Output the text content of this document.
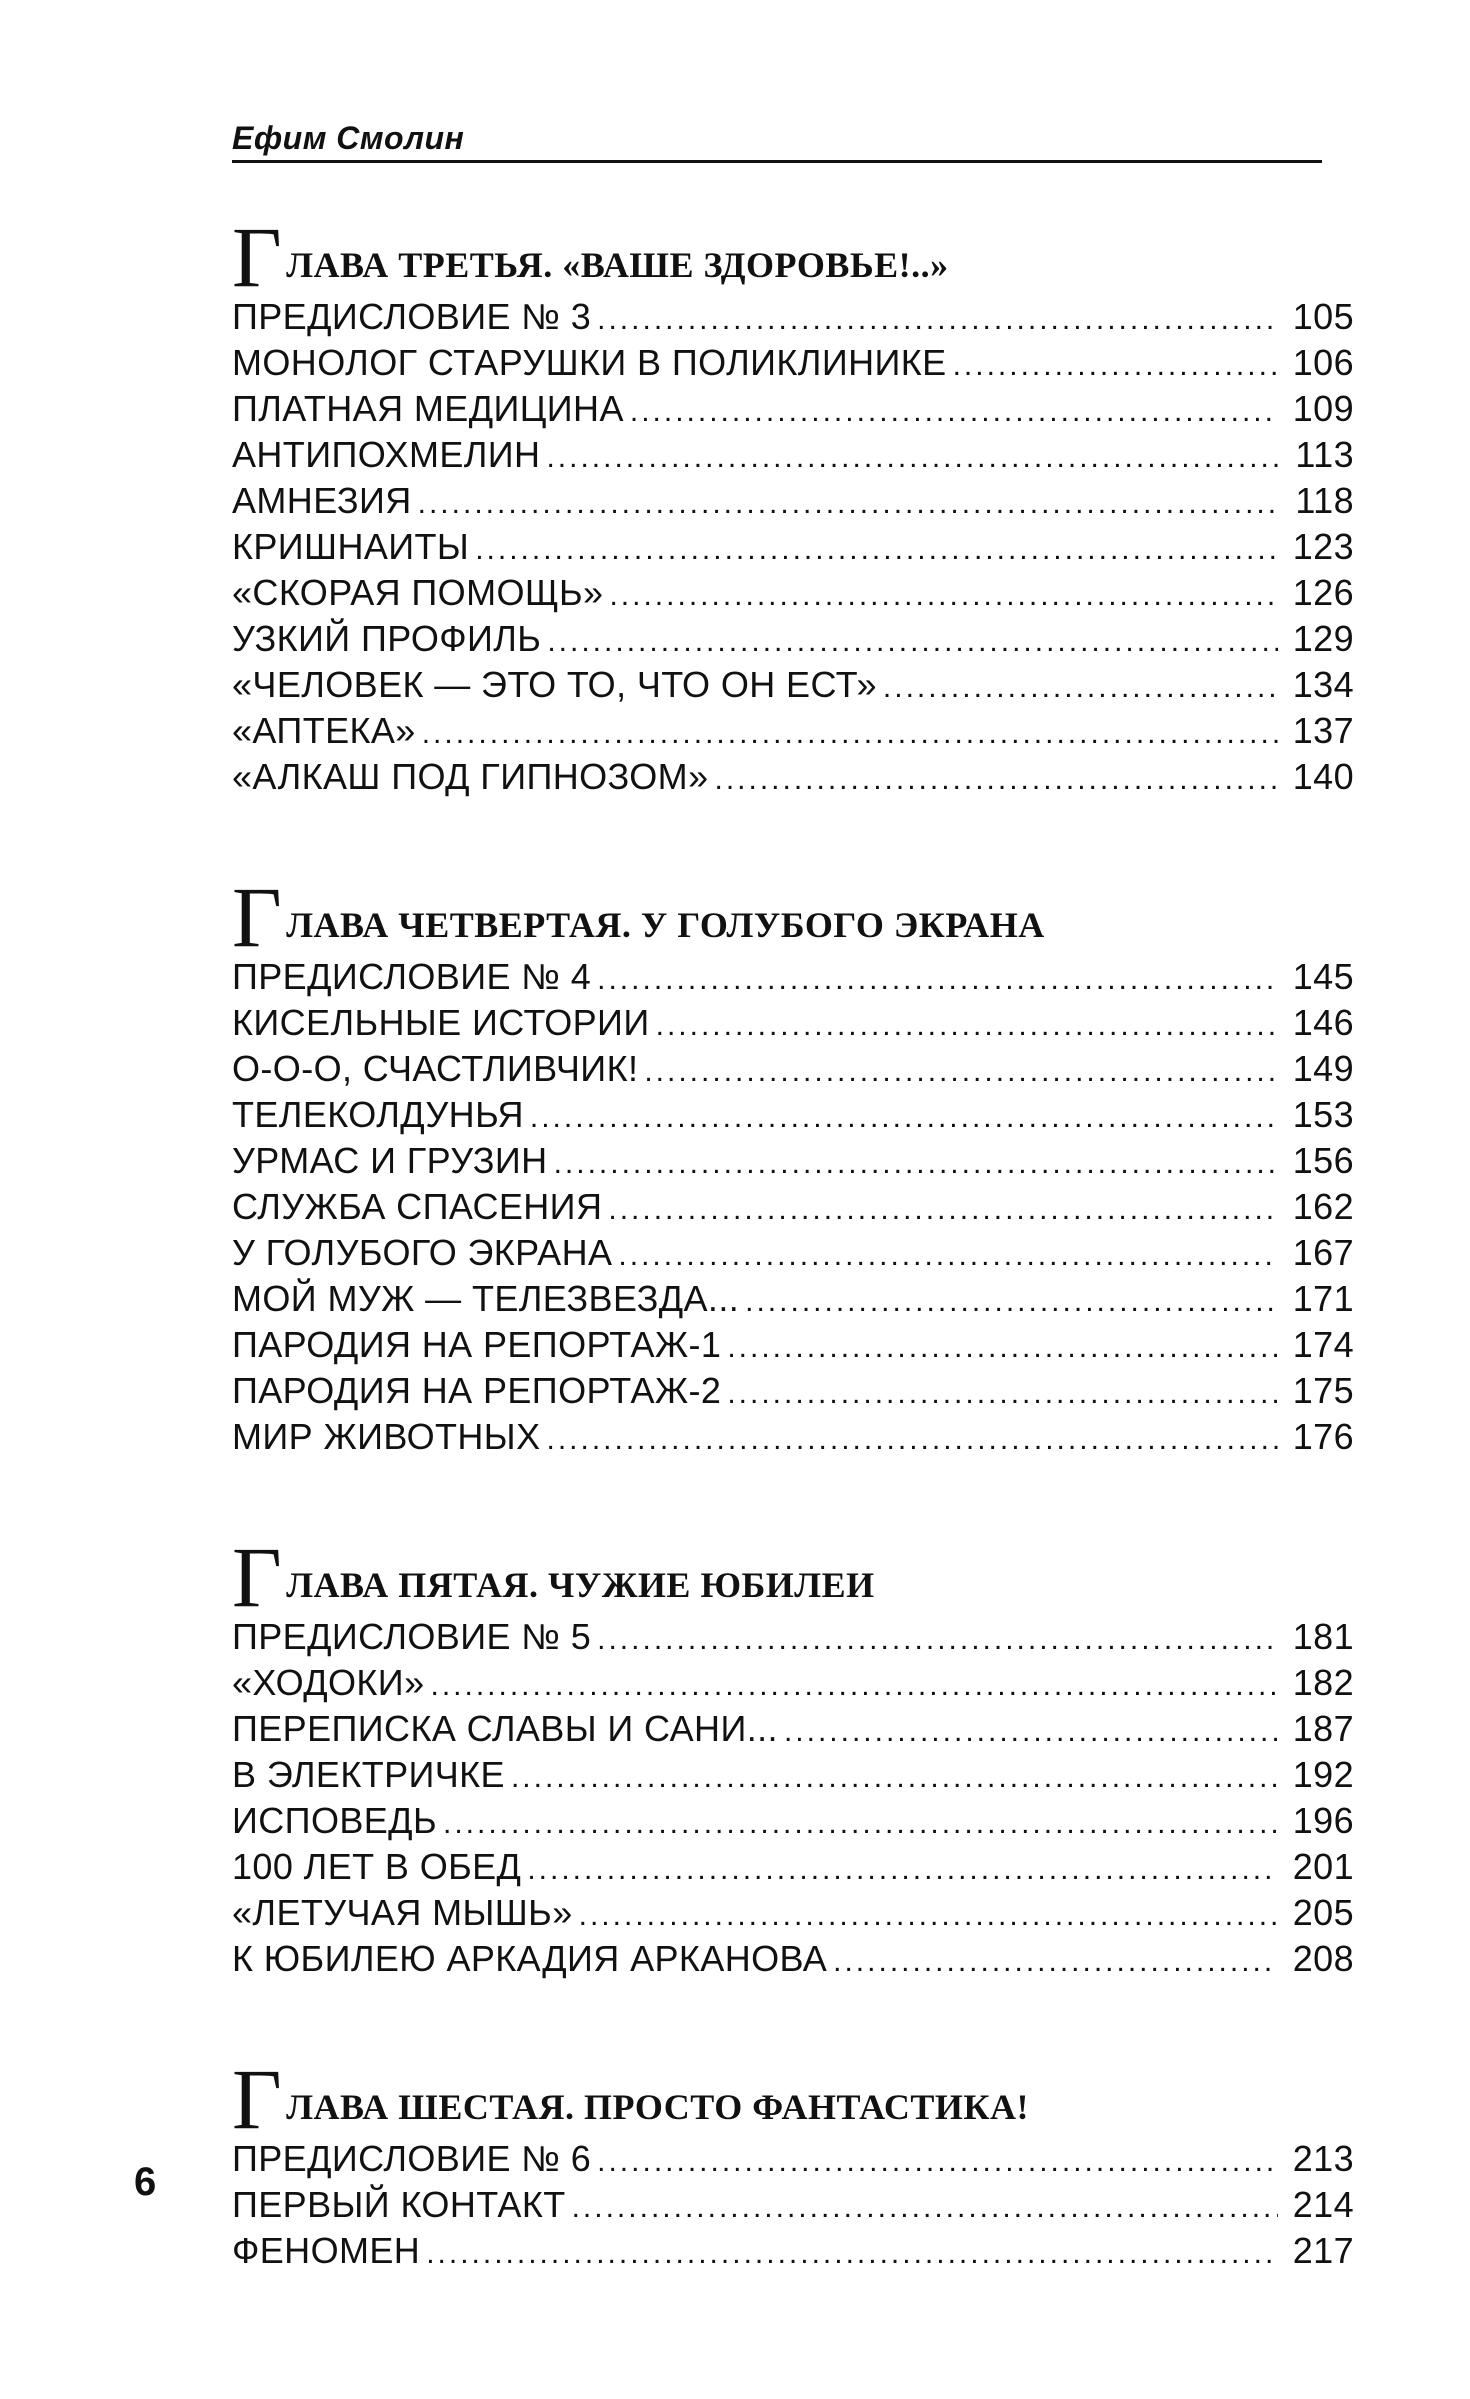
Ефим Смолин
Г ЛАВА ТРЕТЬЯ. «ВАШЕ ЗДОРОВЬЕ!..»
ПРЕДИСЛОВИЕ № 3 .....	105
МОНОЛОГ СТАРУШКИ В ПОЛИКЛИНИКЕ .....	106
ПЛАТНАЯ МЕДИЦИНА .....	109
АНТИПОХМЕЛИН .....	113
АМНЕЗИЯ .....	118
КРИШНАИТЫ .....	123
«СКОРАЯ ПОМОЩЬ» .....	126
УЗКИЙ ПРОФИЛЬ .....	129
«ЧЕЛОВЕК — ЭТО ТО, ЧТО ОН ЕСТ» .....	134
«АПТЕКА» .....	137
«АЛКАШ ПОД ГИПНОЗОМ» .....	140
Г ЛАВА ЧЕТВЕРТАЯ. У ГОЛУБОГО ЭКРАНА
ПРЕДИСЛОВИЕ № 4 .....	145
КИСЕЛЬНЫЕ ИСТОРИИ .....	146
О-О-О, СЧАСТЛИВЧИК! .....	149
ТЕЛЕКОЛДУНЬЯ .....	153
УРМАС И ГРУЗИН .....	156
СЛУЖБА СПАСЕНИЯ .....	162
У ГОЛУБОГО ЭКРАНА .....	167
МОЙ МУЖ — ТЕЛЕЗВЕЗДА... .....	171
ПАРОДИЯ НА РЕПОРТАЖ-1 .....	174
ПАРОДИЯ НА РЕПОРТАЖ-2 .....	175
МИР ЖИВОТНЫХ .....	176
Г ЛАВА ПЯТАЯ. ЧУЖИЕ ЮБИЛЕИ
ПРЕДИСЛОВИЕ № 5 .....	181
«ХОДОКИ» .....	182
ПЕРЕПИСКА СЛАВЫ И САНИ... .....	187
В ЭЛЕКТРИЧКЕ .....	192
ИСПОВЕДЬ .....	196
100 ЛЕТ В ОБЕД .....	201
«ЛЕТУЧАЯ МЫШЬ» .....	205
К ЮБИЛЕЮ АРКАДИЯ АРКАНОВА .....	208
Г ЛАВА ШЕСТАЯ. ПРОСТО ФАНТАСТИКА!
ПРЕДИСЛОВИЕ № 6 .....	213
ПЕРВЫЙ КОНТАКТ .....	214
ФЕНОМЕН .....	217
6
